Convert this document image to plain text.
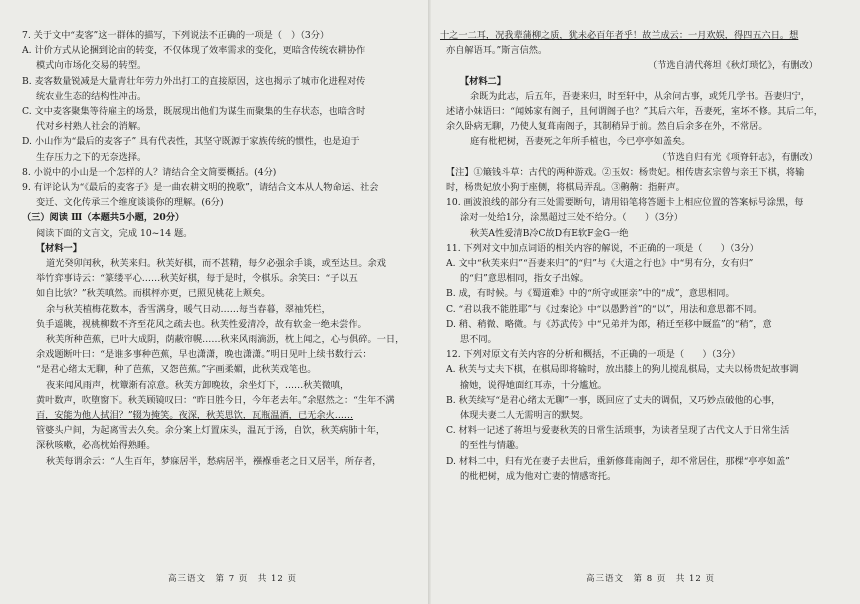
7. 关于文中“麦客”这一群体的描写，下列说法不正确的一项是（　）（3分）
A. 计价方式从论捆到论亩的转变，不仅体现了效率需求的变化，更暗含传统农耕协作
模式向市场化交易的转型。
B. 麦客数量锐减是大量青壮年劳力外出打工的直接原因，这也揭示了城市化进程对传
统农业生态的结构性冲击。
C. 文中麦客聚集等待雇主的场景，既展现出他们为谋生而聚集的生存状态，也暗含时
代对乡村熟人社会的消解。
D. 小山作为“最后的麦客子” 具有代表性，其坚守既源于家族传统的惯性，也是迫于
生存压力之下的无奈选择。
8. 小说中的小山是一个怎样的人？请结合全文简要概括。(4分)
9. 有评论认为“《最后的麦客子》是一曲农耕文明的挽歌”，请结合文本从人物命运、社会
变迁、文化传承三个维度谈谈你的理解。(6分)
（三）阅读 Ⅲ（本题共5小题，20分）
阅读下面的文言文，完成 10~14 题。
【材料一】
道光癸卯闰秋，秋芙来归。秋芙好棋，而不甚精，每夕必强余手谈，或至达旦。余戏
举竹弈事诗云：“篆缕平心……秋芙好棋，每于是时，令棋乐。余笑曰：“子以五
如自比欤？”秋芙嗔然。而棋枰亦更，已照见桃花上颊矣。
余与秋芙植梅花数本，香雪满身，暖气日动……每当春暮，翠袖凭栏，
负手遥眺，视桃柳数不齐至花风之疏去也。秋芙性爱清冷，故有软金一绝未尝作。
秋芙所种芭蕉，已叶大成阴，荫蔽帘幌……秋来风雨滴沥，枕上闻之，心与俱碎。一日，
余戏题断叶曰：“是谁多事种芭蕉，早也潇潇，晚也潇潇。”明日见叶上续书数行云：
“是君心绪太无聊，种了芭蕉，又怨芭蕉。”字画柔媚，此秋芙戏笔也。
夜来闻风雨声，枕簟渐有凉意。秋芙方卸晚妆，余坐灯下，……秋芙微嗔，
黄叶数声，吹堕窗下。秋芙顾镜叹曰：“昨日胜今日，今年老去年。”余慰然之：“生年不满
百，安能为他人拭泪？”辍为掩笑。夜深，秋芙思饮，瓦瓶温酒，已无余火……
管婆头户间，为起离雪去久矣。余分案上灯置床头，温瓦于汤，自饮，秋芙病肺十年，
深秋咳嗽，必高枕始得熟睡。
秋芙每谓余云：“人生百年，梦寐居半，愁病居半，襁褓垂老之日又居半，所存者，
十之一二耳，况我辈蒲柳之质，犹未必百年者乎！故兰成云：一月欢娱，得四五六日。想
亦自解语耳。”斯言信然。
（节选自清代蒋坦《秋灯琐忆》，有删改）
【材料二】
余既为此志，后五年，吾妻来归，时至轩中，从余问古事，或凭几学书。吾妻归宁，
述诸小妹语曰：“闻姊家有阁子，且何谓阁子也？”其后六年，吾妻死，室坏不修。其后二年，
余久卧病无聊，乃使人复葺南阁子，其制稍异于前。然自后余多在外，不常居。
庭有枇杷树，吾妻死之年所手植也，今已亭亭如盖矣。
（节选自归有光《项脊轩志》，有删改）
【注】①簸钱斗草：古代的两种游戏。②玉奴：杨贵妃。相传唐玄宗曾与亲王下棋，将输
时，杨贵妃放小狗于座侧，将棋局弄乱。③齁齁：指鼾声。
10. 画波浪线的部分有三处需要断句，请用铅笔将答题卡上相应位置的答案标号涂黑，每
涂对一处给1分，涂黑超过三处不给分。（　　）（3分）
秋芙A性爱清B冷C故D有E软F金G一绝
11. 下列对文中加点词语的相关内容的解说，不正确的一项是（　　）（3分）
A. 文中“秋芙来归”“吾妻来归”的“归”与《大道之行也》中“男有分，女有归”
的“归”意思相同，指女子出嫁。
B. 成，有时候。与《蜀道难》中的“所守或匪亲”中的“成”，意思相同。
C. “君以我不能胜耶”与《过秦论》中“以愚黔首”的“以”，用法和意思都不同。
D. 稍、稍微、略微。与《苏武传》中“兄弟并为郎，稍迁至移中厩监”的“稍”，意
思不同。
12. 下列对原文有关内容的分析和概括，不正确的一项是（　　）（3分）
A. 秋芙与丈夫下棋，在棋局即将输时，放出膝上的狗儿搅乱棋局，丈夫以杨贵妃故事调
揄她，说得她面红耳赤，十分尴尬。
B. 秋芙续写“是君心绪太无聊”一事，既回应了丈夫的调侃，又巧妙点破他的心事，
体现夫妻二人无需明言的默契。
C. 材料一记述了蒋坦与爱妻秋芙的日常生活琐事，为读者呈现了古代文人于日常生活
的至性与情趣。
D. 材料二中，归有光在妻子去世后，重新修葺南阁子，却不常居住，那棵“亭亭如盖”
的枇杷树，成为他对亡妻的情感寄托。
高三语文　第 7 页　共 12 页	高三语文　第 8 页　共 12 页
